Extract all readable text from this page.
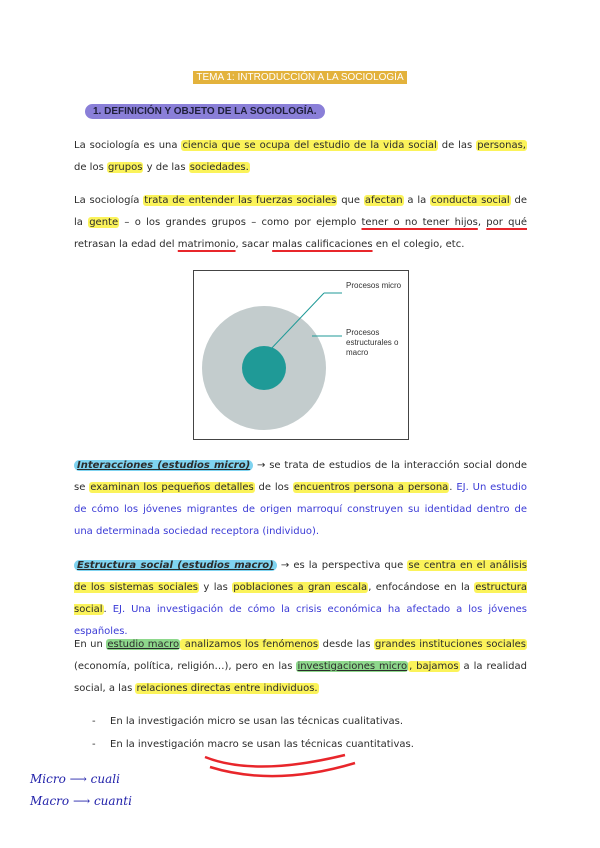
TEMA 1: INTRODUCCIÓN A LA SOCIOLOGÍA
1. DEFINICIÓN Y OBJETO DE LA SOCIOLOGÍA.
La sociología es una ciencia que se ocupa del estudio de la vida social de las personas, de los grupos y de las sociedades.
La sociología trata de entender las fuerzas sociales que afectan a la conducta social de la gente – o los grandes grupos – como por ejemplo tener o no tener hijos, por qué retrasan la edad del matrimonio, sacar malas calificaciones en el colegio, etc.
Procesos micro
Procesos estructurales o macro
Interacciones (estudios micro) → se trata de estudios de la interacción social donde se examinan los pequeños detalles de los encuentros persona a persona. EJ. Un estudio de cómo los jóvenes migrantes de origen marroquí construyen su identidad dentro de una determinada sociedad receptora (individuo).
Estructura social (estudios macro) → es la perspectiva que se centra en el análisis de los sistemas sociales y las poblaciones a gran escala, enfocándose en la estructura social. EJ. Una investigación de cómo la crisis económica ha afectado a los jóvenes españoles.
En un estudio macro analizamos los fenómenos desde las grandes instituciones sociales (economía, política, religión…), pero en las investigaciones micro , bajamos a la realidad social, a las relaciones directas entre individuos.
- En la investigación micro se usan las técnicas cualitativas.
- En la investigación macro se usan las técnicas cuantitativas.
Micro ⟶ cuali
Macro ⟶ cuanti
